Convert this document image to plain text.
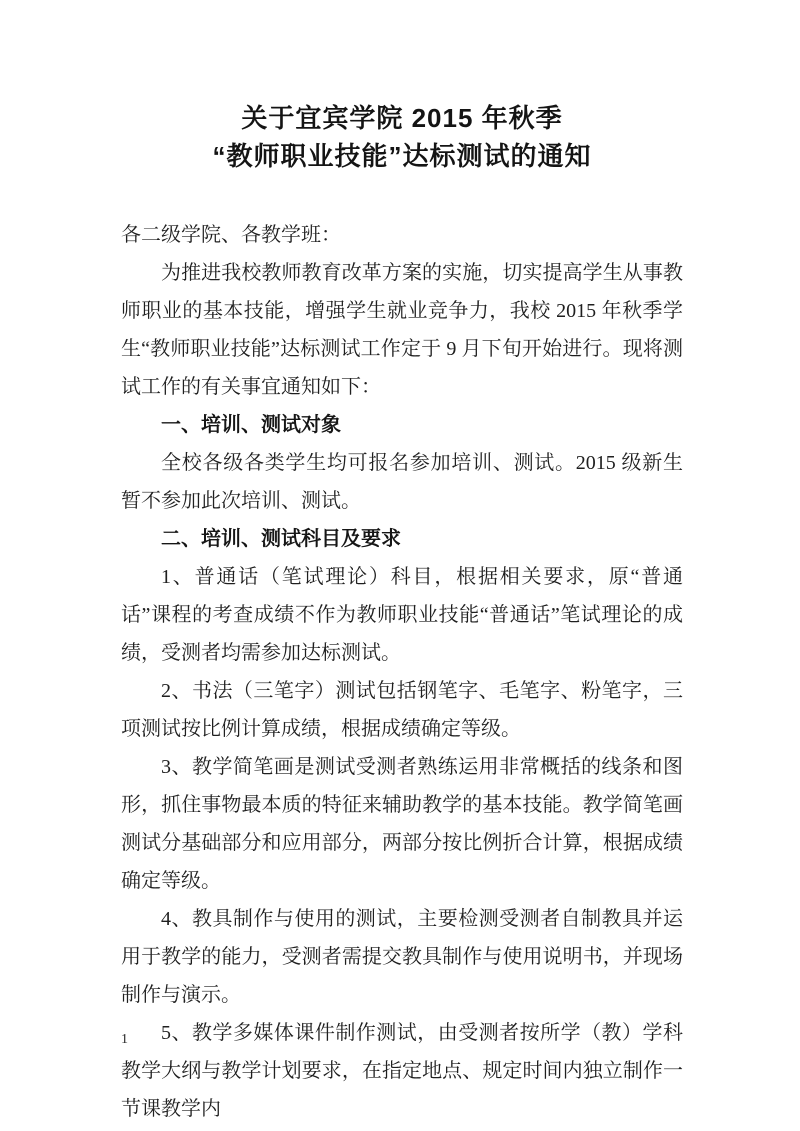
关于宜宾学院 2015 年秋季
“教师职业技能”达标测试的通知

各二级学院、各教学班：

为推进我校教师教育改革方案的实施，切实提高学生从事教师职业的基本技能，增强学生就业竞争力，我校 2015 年秋季学生“教师职业技能”达标测试工作定于 9 月下旬开始进行。现将测试工作的有关事宜通知如下：

一、培训、测试对象

全校各级各类学生均可报名参加培训、测试。2015 级新生暂不参加此次培训、测试。

二、培训、测试科目及要求

1、普通话（笔试理论）科目，根据相关要求，原“普通话”课程的考查成绩不作为教师职业技能“普通话”笔试理论的成绩，受测者均需参加达标测试。

2、书法（三笔字）测试包括钢笔字、毛笔字、粉笔字，三项测试按比例计算成绩，根据成绩确定等级。

3、教学简笔画是测试受测者熟练运用非常概括的线条和图形，抓住事物最本质的特征来辅助教学的基本技能。教学简笔画测试分基础部分和应用部分，两部分按比例折合计算，根据成绩确定等级。

4、教具制作与使用的测试，主要检测受测者自制教具并运用于教学的能力，受测者需提交教具制作与使用说明书，并现场制作与演示。

5、教学多媒体课件制作测试，由受测者按所学（教）学科教学大纲与教学计划要求，在指定地点、规定时间内独立制作一节课教学内

1
